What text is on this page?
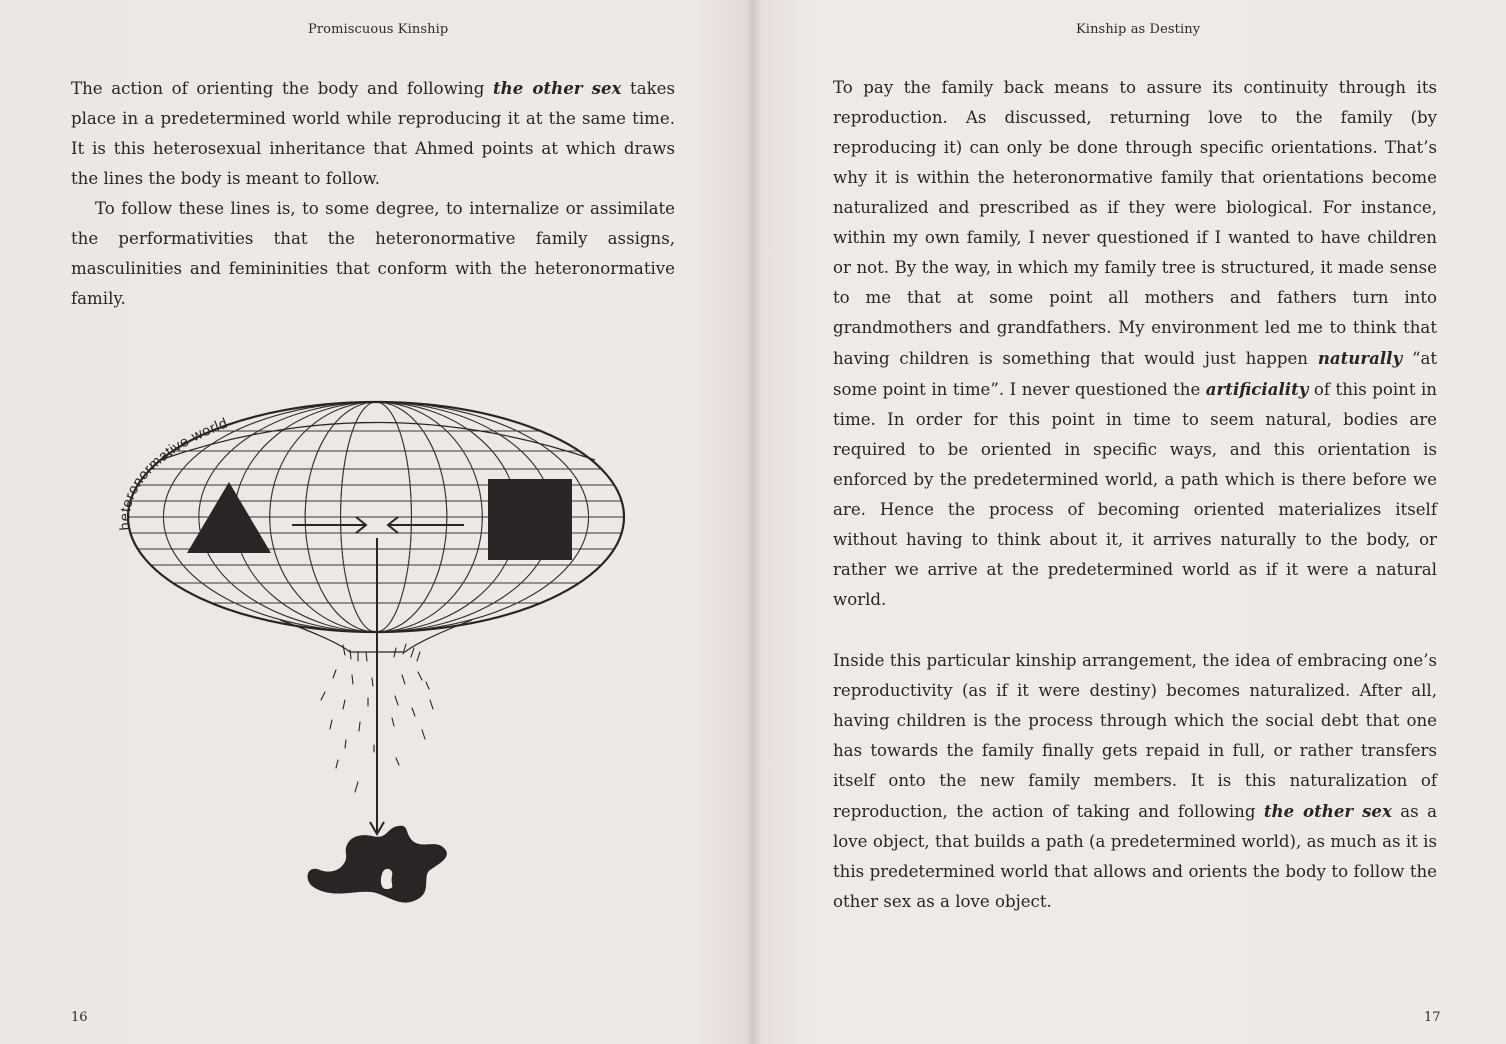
Promiscuous Kinship

The action of orienting the body and following the other sex takes place in a predetermined world while reproducing it at the same time. It is this heterosexual inheritance that Ahmed points at which draws the lines the body is meant to follow.

To follow these lines is, to some degree, to internalize or assimilate the performativities that the heteronormative family assigns, masculinities and femininities that conform with the heteronormative family.

heteronormative world
16
Kinship as Destiny

To pay the family back means to assure its continuity through its reproduction. As discussed, returning love to the family (by reproducing it) can only be done through specific orientations. That’s why it is within the heteronormative family that orientations become naturalized and prescribed as if they were biological. For instance, within my own family, I never questioned if I wanted to have children or not. By the way, in which my family tree is structured, it made sense to me that at some point all mothers and fathers turn into grandmothers and grandfathers. My environment led me to think that having children is something that would just happen naturally “at some point in time”. I never questioned the artificiality of this point in time. In order for this point in time to seem natural, bodies are required to be oriented in specific ways, and this orientation is enforced by the predetermined world, a path which is there before we are. Hence the process of becoming oriented materializes itself without having to think about it, it arrives naturally to the body, or rather we arrive at the predetermined world as if it were a natural world.

Inside this particular kinship arrangement, the idea of embracing one’s reproductivity (as if it were destiny) becomes naturalized. After all, having children is the process through which the social debt that one has towards the family finally gets repaid in full, or rather transfers itself onto the new family members. It is this naturalization of reproduction, the action of taking and following the other sex as a love object, that builds a path (a predetermined world), as much as it is this predetermined world that allows and orients the body to follow the other sex as a love object.

17
